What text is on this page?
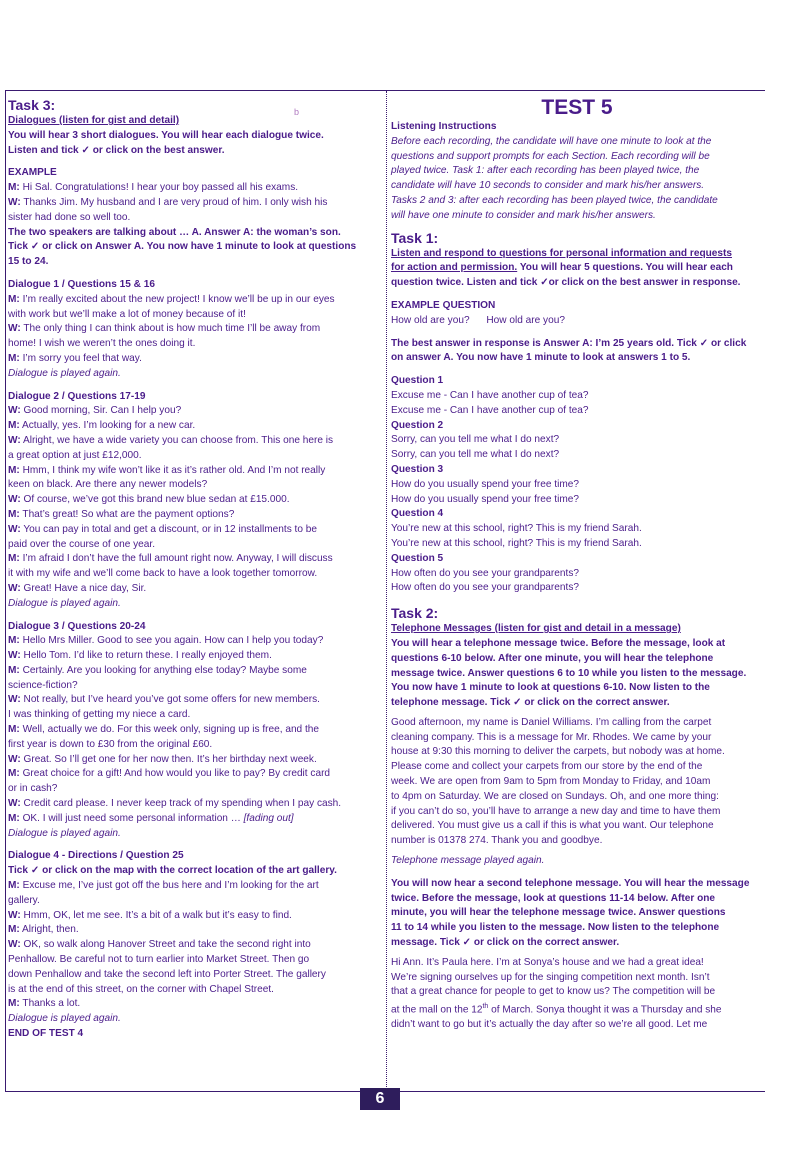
b
Task 3:
Dialogues (listen for gist and detail)
You will hear 3 short dialogues. You will hear each dialogue twice.
Listen and tick ✓ or click on the best answer.
EXAMPLE
M: Hi Sal. Congratulations! I hear your boy passed all his exams.
W: Thanks Jim. My husband and I are very proud of him. I only wish his
sister had done so well too.
The two speakers are talking about … A. Answer A: the woman’s son.
Tick ✓ or click on Answer A. You now have 1 minute to look at questions
15 to 24.
Dialogue 1 / Questions 15 & 16
M: I’m really excited about the new project! I know we’ll be up in our eyes
with work but we’ll make a lot of money because of it!
W: The only thing I can think about is how much time I’ll be away from
home! I wish we weren’t the ones doing it.
M: I’m sorry you feel that way.
Dialogue is played again.
Dialogue 2 / Questions 17-19
W: Good morning, Sir. Can I help you?
M: Actually, yes. I’m looking for a new car.
W: Alright, we have a wide variety you can choose from. This one here is
a great option at just £12,000.
M: Hmm, I think my wife won’t like it as it’s rather old. And I’m not really
keen on black. Are there any newer models?
W: Of course, we’ve got this brand new blue sedan at £15.000.
M: That’s great! So what are the payment options?
W: You can pay in total and get a discount, or in 12 installments to be
paid over the course of one year.
M: I’m afraid I don’t have the full amount right now. Anyway, I will discuss
it with my wife and we’ll come back to have a look together tomorrow.
W: Great! Have a nice day, Sir.
Dialogue is played again.
Dialogue 3 / Questions 20-24
M: Hello Mrs Miller. Good to see you again. How can I help you today?
W: Hello Tom. I’d like to return these. I really enjoyed them.
M: Certainly. Are you looking for anything else today? Maybe some
science-fiction?
W: Not really, but I’ve heard you’ve got some offers for new members.
I was thinking of getting my niece a card.
M: Well, actually we do. For this week only, signing up is free, and the
first year is down to £30 from the original £60.
W: Great. So I’ll get one for her now then. It’s her birthday next week.
M: Great choice for a gift! And how would you like to pay? By credit card
or in cash?
W: Credit card please. I never keep track of my spending when I pay cash.
M: OK. I will just need some personal information … [fading out]
Dialogue is played again.
Dialogue 4 - Directions / Question 25
Tick ✓ or click on the map with the correct location of the art gallery.
M: Excuse me, I’ve just got off the bus here and I’m looking for the art
gallery.
W: Hmm, OK, let me see. It’s a bit of a walk but it’s easy to find.
M: Alright, then.
W: OK, so walk along Hanover Street and take the second right into
Penhallow. Be careful not to turn earlier into Market Street. Then go
down Penhallow and take the second left into Porter Street. The gallery
is at the end of this street, on the corner with Chapel Street.
M: Thanks a lot.
Dialogue is played again.
END OF TEST 4
TEST 5
Listening Instructions
Before each recording, the candidate will have one minute to look at the
questions and support prompts for each Section. Each recording will be
played twice. Task 1: after each recording has been played twice, the
candidate will have 10 seconds to consider and mark his/her answers.
Tasks 2 and 3: after each recording has been played twice, the candidate
will have one minute to consider and mark his/her answers.
Task 1:
Listen and respond to questions for personal information and requests
for action and permission. You will hear 5 questions. You will hear each
question twice. Listen and tick ✓or click on the best answer in response.
EXAMPLE QUESTION
How old are you?      How old are you?
The best answer in response is Answer A: I’m 25 years old. Tick ✓ or click
on answer A. You now have 1 minute to look at answers 1 to 5.
Question 1
Excuse me - Can I have another cup of tea?
Excuse me - Can I have another cup of tea?
Question 2
Sorry, can you tell me what I do next?
Sorry, can you tell me what I do next?
Question 3
How do you usually spend your free time?
How do you usually spend your free time?
Question 4
You’re new at this school, right? This is my friend Sarah.
You’re new at this school, right? This is my friend Sarah.
Question 5
How often do you see your grandparents?
How often do you see your grandparents?
Task 2:
Telephone Messages (listen for gist and detail in a message)
You will hear a telephone message twice. Before the message, look at
questions 6-10 below. After one minute, you will hear the telephone
message twice. Answer questions 6 to 10 while you listen to the message.
You now have 1 minute to look at questions 6-10. Now listen to the
telephone message. Tick ✓ or click on the correct answer.
Good afternoon, my name is Daniel Williams. I’m calling from the carpet
cleaning company. This is a message for Mr. Rhodes. We came by your
house at 9:30 this morning to deliver the carpets, but nobody was at home.
Please come and collect your carpets from our store by the end of the
week. We are open from 9am to 5pm from Monday to Friday, and 10am
to 4pm on Saturday. We are closed on Sundays. Oh, and one more thing:
if you can’t do so, you’ll have to arrange a new day and time to have them
delivered. You must give us a call if this is what you want. Our telephone
number is 01378 274. Thank you and goodbye.
Telephone message played again.
You will now hear a second telephone message. You will hear the message
twice. Before the message, look at questions 11-14 below. After one
minute, you will hear the telephone message twice. Answer questions
11 to 14 while you listen to the message. Now listen to the telephone
message. Tick ✓ or click on the correct answer.
Hi Ann. It’s Paula here. I’m at Sonya’s house and we had a great idea!
We’re signing ourselves up for the singing competition next month. Isn’t
that a great chance for people to get to know us? The competition will be
at the mall on the 12th of March. Sonya thought it was a Thursday and she
didn’t want to go but it’s actually the day after so we’re all good. Let me
6
